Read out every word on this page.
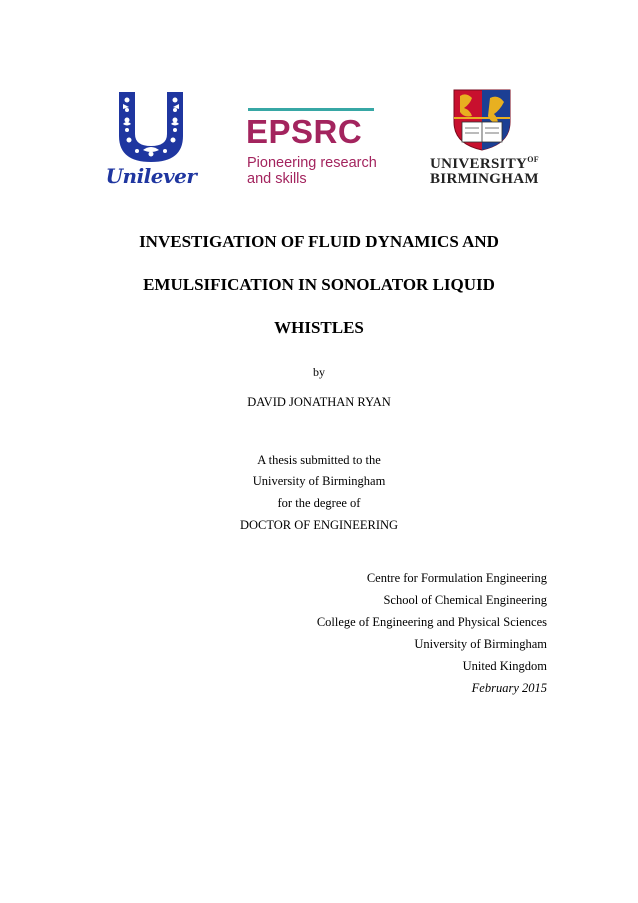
Unilever
EPSRC
Pioneering research
and skills
$UNIVERSITY^{OF}$
BIRMINGHAM
INVESTIGATION OF FLUID DYNAMICS AND
EMULSIFICATION IN SONOLATOR LIQUID
WHISTLES
by
DAVID JONATHAN RYAN
A thesis submitted to the
University of Birmingham
for the degree of
DOCTOR OF ENGINEERING
Centre for Formulation Engineering
School of Chemical Engineering
College of Engineering and Physical Sciences
University of Birmingham
United Kingdom
February 2015
